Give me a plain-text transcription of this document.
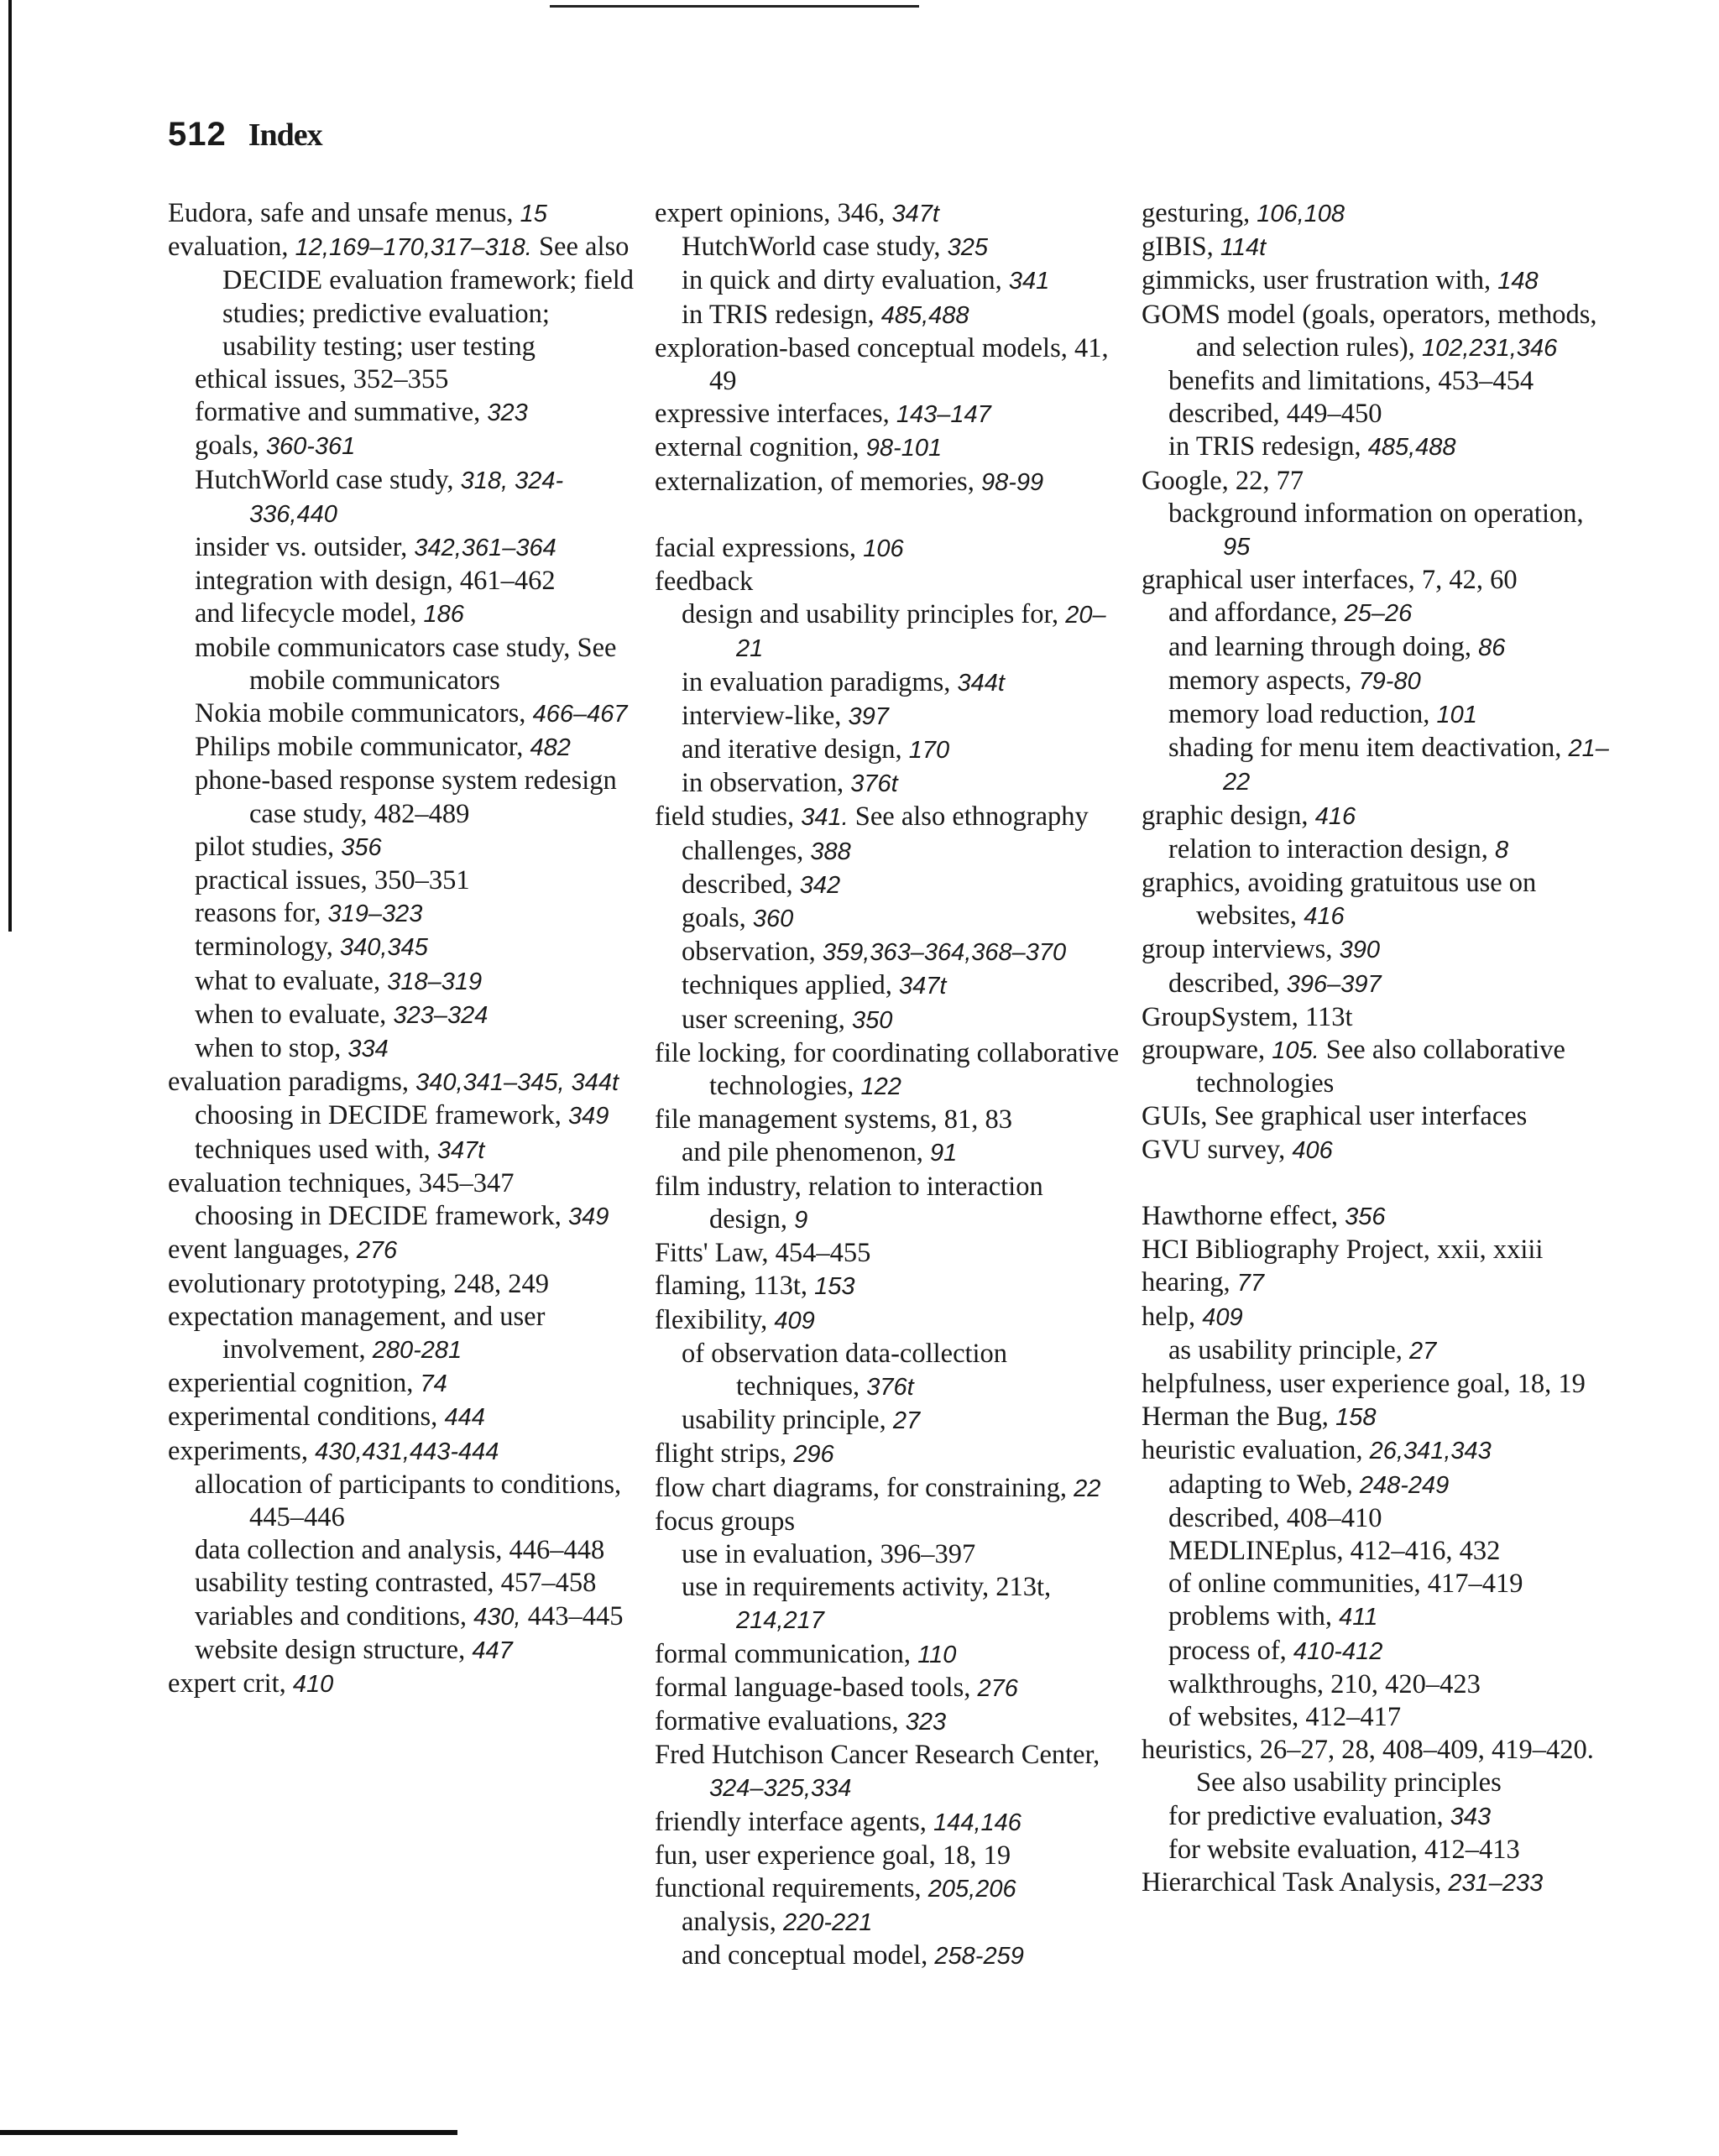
512 Index
Eudora, safe and unsafe menus, 15
evaluation, 12,169–170,317–318. See also DECIDE evaluation framework; field studies; predictive evaluation; usability testing; user testing
ethical issues, 352–355
formative and summative, 323
goals, 360-361
HutchWorld case study, 318, 324-336,440
insider vs. outsider, 342,361–364
integration with design, 461–462
and lifecycle model, 186
mobile communicators case study, See mobile communicators
Nokia mobile communicators, 466–467
Philips mobile communicator, 482
phone-based response system redesign case study, 482–489
pilot studies, 356
practical issues, 350–351
reasons for, 319–323
terminology, 340,345
what to evaluate, 318–319
when to evaluate, 323–324
when to stop, 334
evaluation paradigms, 340,341–345, 344t
choosing in DECIDE framework, 349
techniques used with, 347t
evaluation techniques, 345–347
choosing in DECIDE framework, 349
event languages, 276
evolutionary prototyping, 248, 249
expectation management, and user involvement, 280-281
experiential cognition, 74
experimental conditions, 444
experiments, 430,431,443-444
allocation of participants to conditions, 445–446
data collection and analysis, 446–448
usability testing contrasted, 457–458
variables and conditions, 430, 443–445
website design structure, 447
expert crit, 410
expert opinions, 346, 347t
HutchWorld case study, 325
in quick and dirty evaluation, 341
in TRIS redesign, 485,488
exploration-based conceptual models, 41, 49
expressive interfaces, 143–147
external cognition, 98-101
externalization, of memories, 98-99
facial expressions, 106
feedback
design and usability principles for, 20–21
in evaluation paradigms, 344t
interview-like, 397
and iterative design, 170
in observation, 376t
field studies, 341. See also ethnography
challenges, 388
described, 342
goals, 360
observation, 359,363–364,368–370
techniques applied, 347t
user screening, 350
file locking, for coordinating collaborative technologies, 122
file management systems, 81, 83
and pile phenomenon, 91
film industry, relation to interaction design, 9
Fitts' Law, 454–455
flaming, 113t, 153
flexibility, 409
of observation data-collection techniques, 376t
usability principle, 27
flight strips, 296
flow chart diagrams, for constraining, 22
focus groups
use in evaluation, 396–397
use in requirements activity, 213t, 214,217
formal communication, 110
formal language-based tools, 276
formative evaluations, 323
Fred Hutchison Cancer Research Center, 324–325,334
friendly interface agents, 144,146
fun, user experience goal, 18, 19
functional requirements, 205,206
analysis, 220-221
and conceptual model, 258-259
gesturing, 106,108
gIBIS, 114t
gimmicks, user frustration with, 148
GOMS model (goals, operators, methods, and selection rules), 102,231,346
benefits and limitations, 453–454
described, 449–450
in TRIS redesign, 485,488
Google, 22, 77
background information on operation, 95
graphical user interfaces, 7, 42, 60
and affordance, 25–26
and learning through doing, 86
memory aspects, 79-80
memory load reduction, 101
shading for menu item deactivation, 21–22
graphic design, 416
relation to interaction design, 8
graphics, avoiding gratuitous use on websites, 416
group interviews, 390
described, 396–397
GroupSystem, 113t
groupware, 105. See also collaborative technologies
GUIs, See graphical user interfaces
GVU survey, 406
Hawthorne effect, 356
HCI Bibliography Project, xxii, xxiii
hearing, 77
help, 409
as usability principle, 27
helpfulness, user experience goal, 18, 19
Herman the Bug, 158
heuristic evaluation, 26,341,343
adapting to Web, 248-249
described, 408–410
MEDLINEplus, 412–416, 432
of online communities, 417–419
problems with, 411
process of, 410-412
walkthroughs, 210, 420–423
of websites, 412–417
heuristics, 26–27, 28, 408–409, 419–420. See also usability principles
for predictive evaluation, 343
for website evaluation, 412–413
Hierarchical Task Analysis, 231–233
